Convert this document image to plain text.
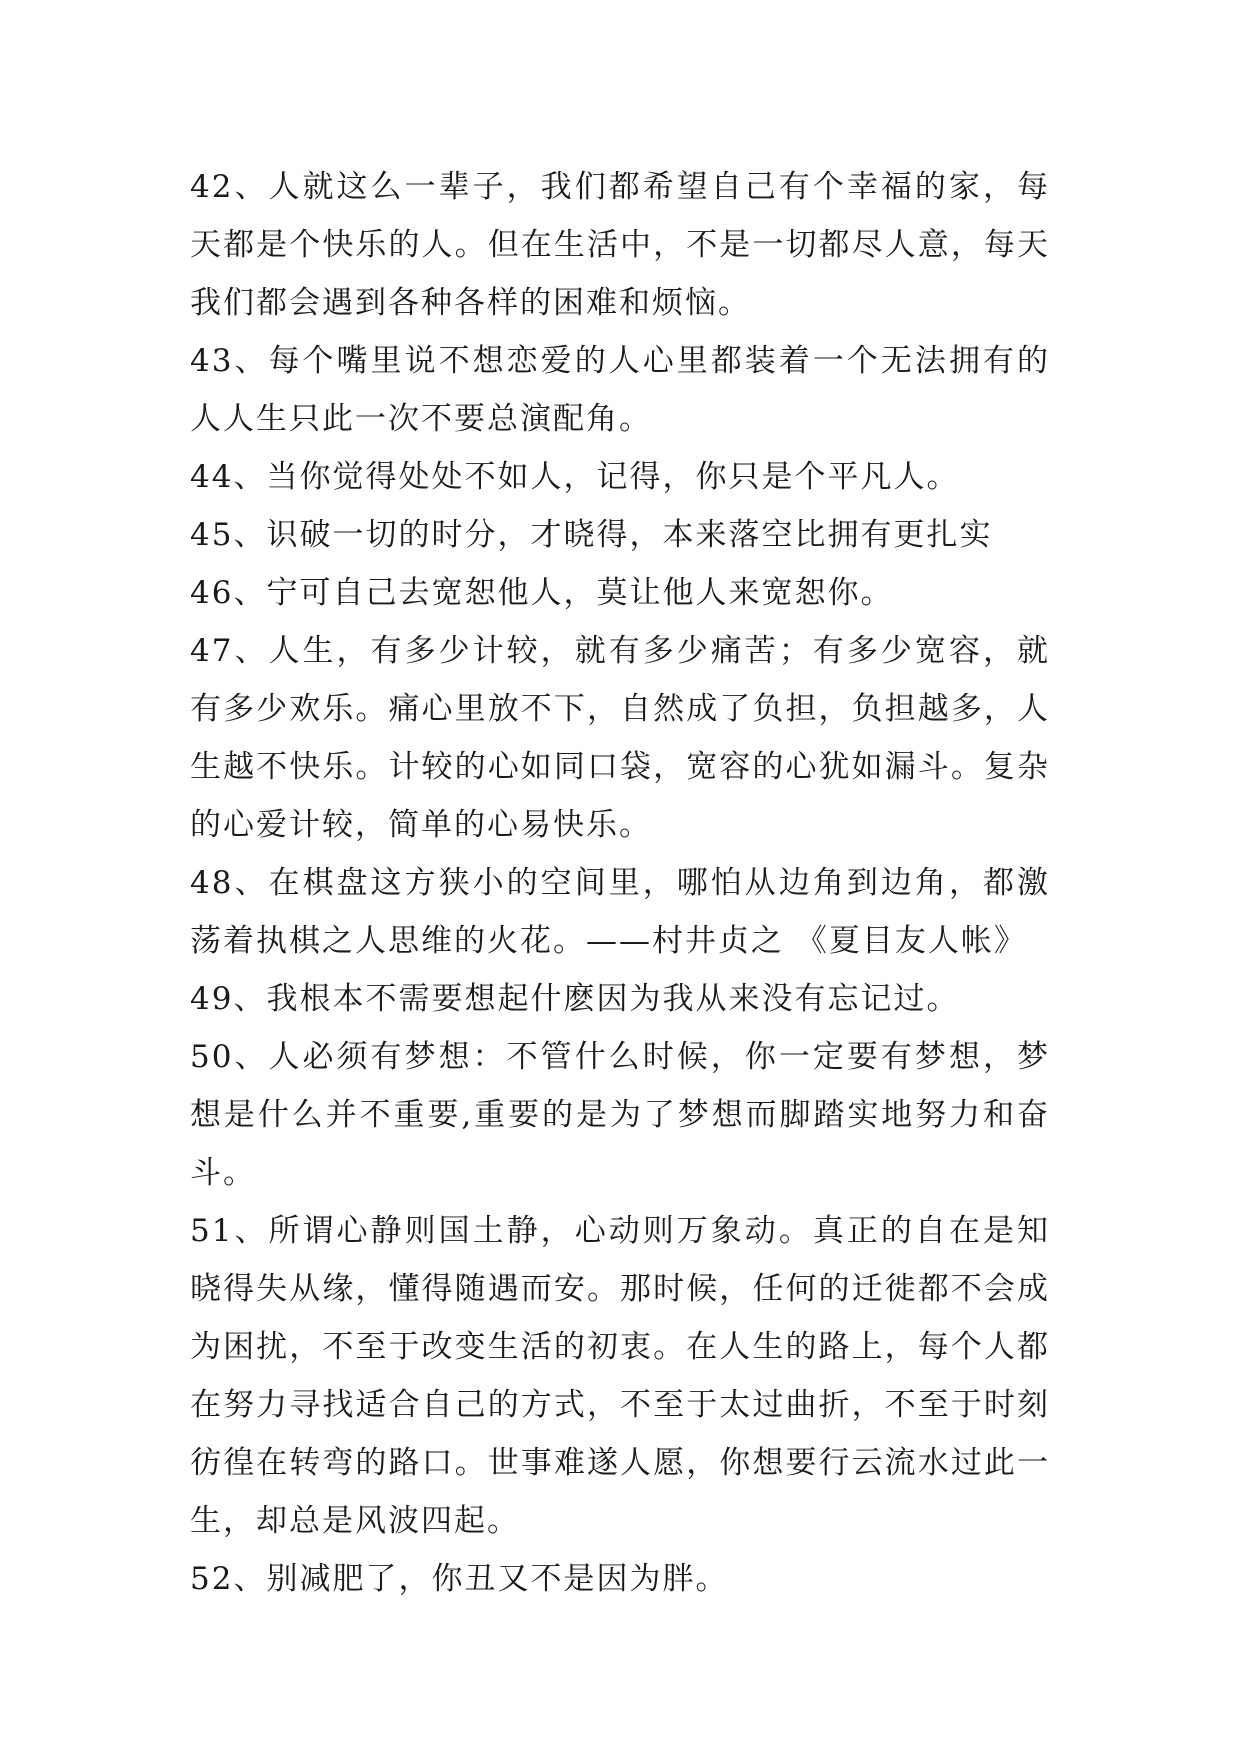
42、人就这么一辈子，我们都希望自己有个幸福的家，每天都是个快乐的人。但在生活中，不是一切都尽人意，每天我们都会遇到各种各样的困难和烦恼。

43、每个嘴里说不想恋爱的人心里都装着一个无法拥有的人人生只此一次不要总演配角。

44、当你觉得处处不如人，记得，你只是个平凡人。

45、识破一切的时分，才晓得，本来落空比拥有更扎实

46、宁可自己去宽恕他人，莫让他人来宽恕你。

47、人生，有多少计较，就有多少痛苦；有多少宽容，就有多少欢乐。痛心里放不下，自然成了负担，负担越多，人生越不快乐。计较的心如同口袋，宽容的心犹如漏斗。复杂的心爱计较，简单的心易快乐。

48、在棋盘这方狭小的空间里，哪怕从边角到边角，都激荡着执棋之人思维的火花。——村井贞之 《夏目友人帐》

49、我根本不需要想起什麽因为我从来没有忘记过。

50、人必须有梦想：不管什么时候，你一定要有梦想，梦想是什么并不重要,重要的是为了梦想而脚踏实地努力和奋斗。

51、所谓心静则国土静，心动则万象动。真正的自在是知晓得失从缘，懂得随遇而安。那时候，任何的迁徙都不会成为困扰，不至于改变生活的初衷。在人生的路上，每个人都在努力寻找适合自己的方式，不至于太过曲折，不至于时刻彷徨在转弯的路口。世事难遂人愿，你想要行云流水过此一生，却总是风波四起。

52、别减肥了，你丑又不是因为胖。
